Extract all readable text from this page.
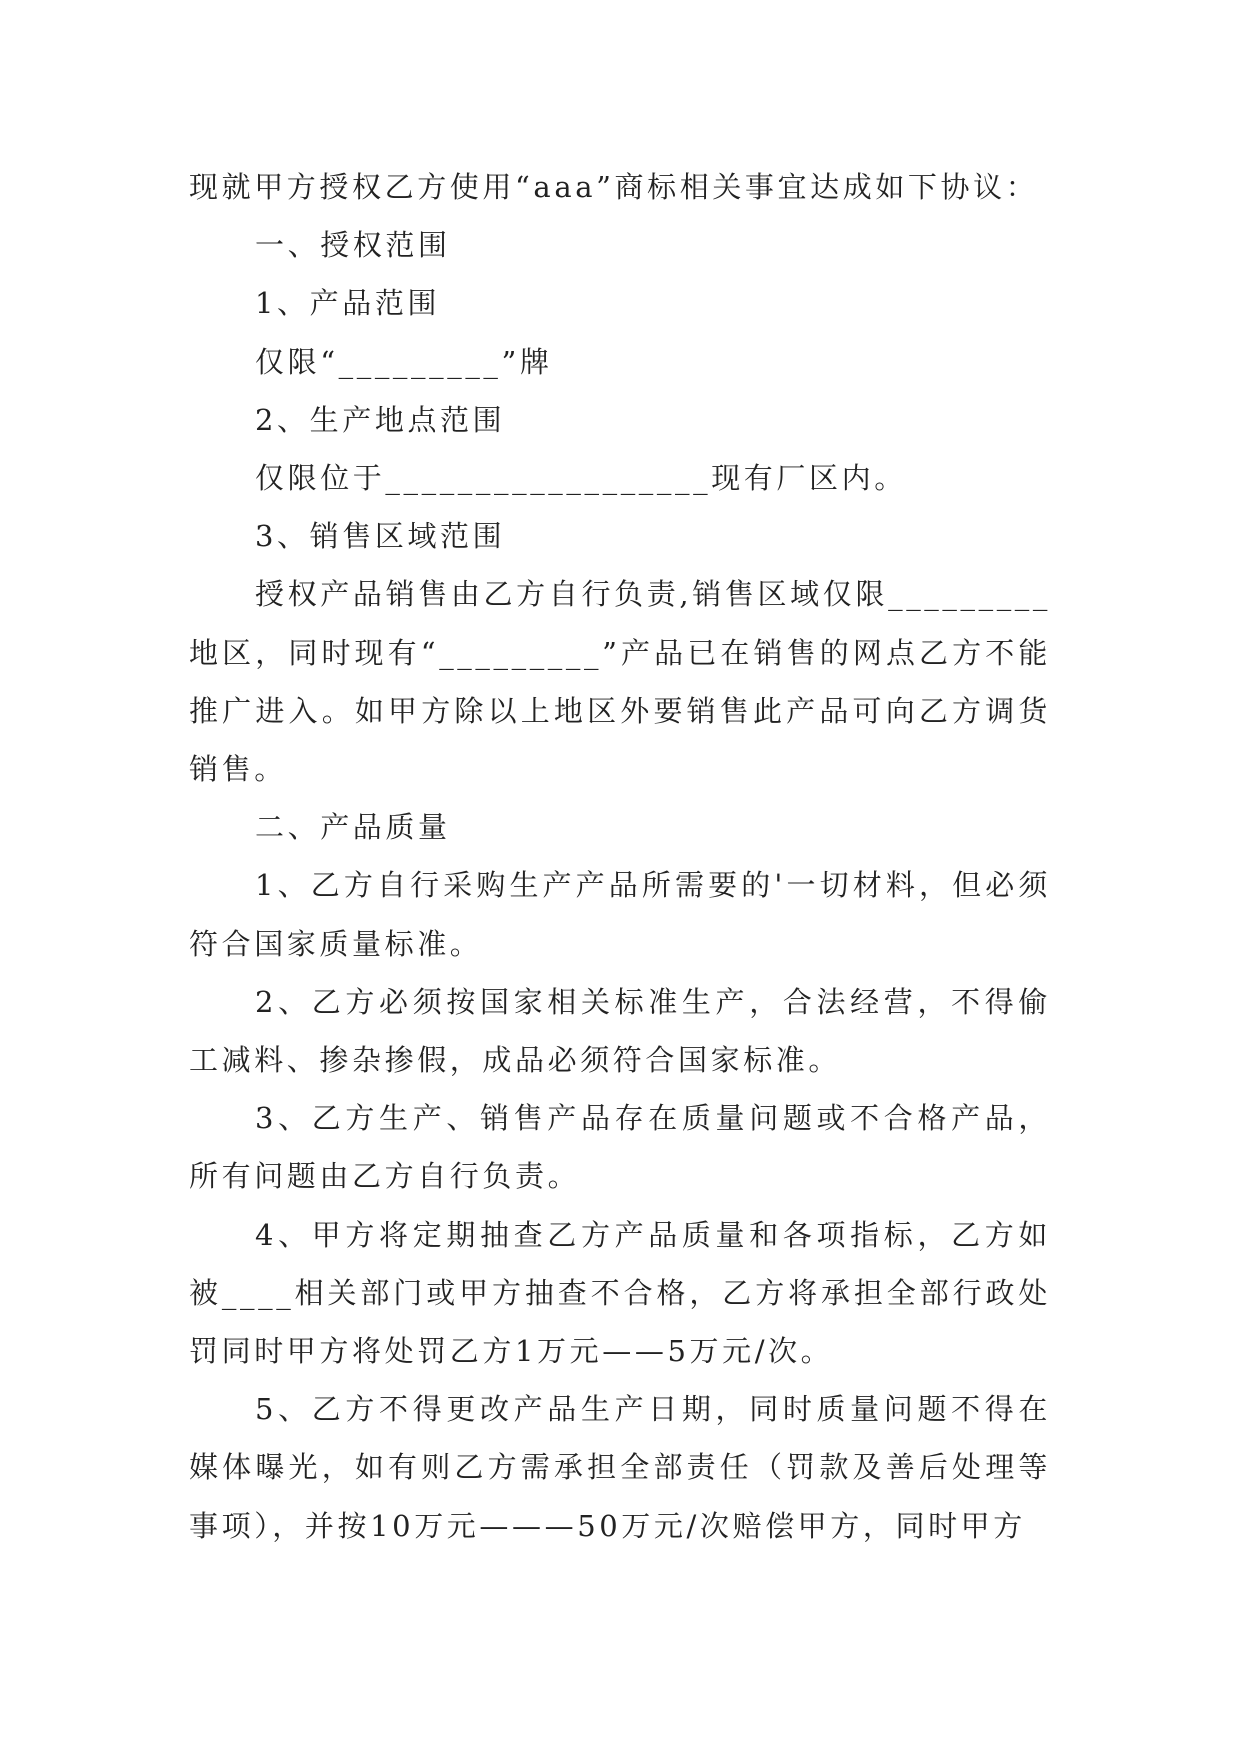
现就甲方授权乙方使用“aaa”商标相关事宜达成如下协议：

一、授权范围

1、产品范围

仅限“_________”牌

2、生产地点范围

仅限位于__________________现有厂区内。

3、销售区域范围

授权产品销售由乙方自行负责,销售区域仅限_________地区，同时现有“_________”产品已在销售的网点乙方不能推广进入。如甲方除以上地区外要销售此产品可向乙方调货销售。

二、产品质量

1、乙方自行采购生产产品所需要的'一切材料，但必须符合国家质量标准。

2、乙方必须按国家相关标准生产，合法经营，不得偷工减料、掺杂掺假，成品必须符合国家标准。

3、乙方生产、销售产品存在质量问题或不合格产品，所有问题由乙方自行负责。

4、甲方将定期抽查乙方产品质量和各项指标，乙方如被____相关部门或甲方抽查不合格，乙方将承担全部行政处罚同时甲方将处罚乙方1万元——5万元/次。

5、乙方不得更改产品生产日期，同时质量问题不得在媒体曝光，如有则乙方需承担全部责任（罚款及善后处理等事项），并按10万元———50万元/次赔偿甲方，同时甲方
